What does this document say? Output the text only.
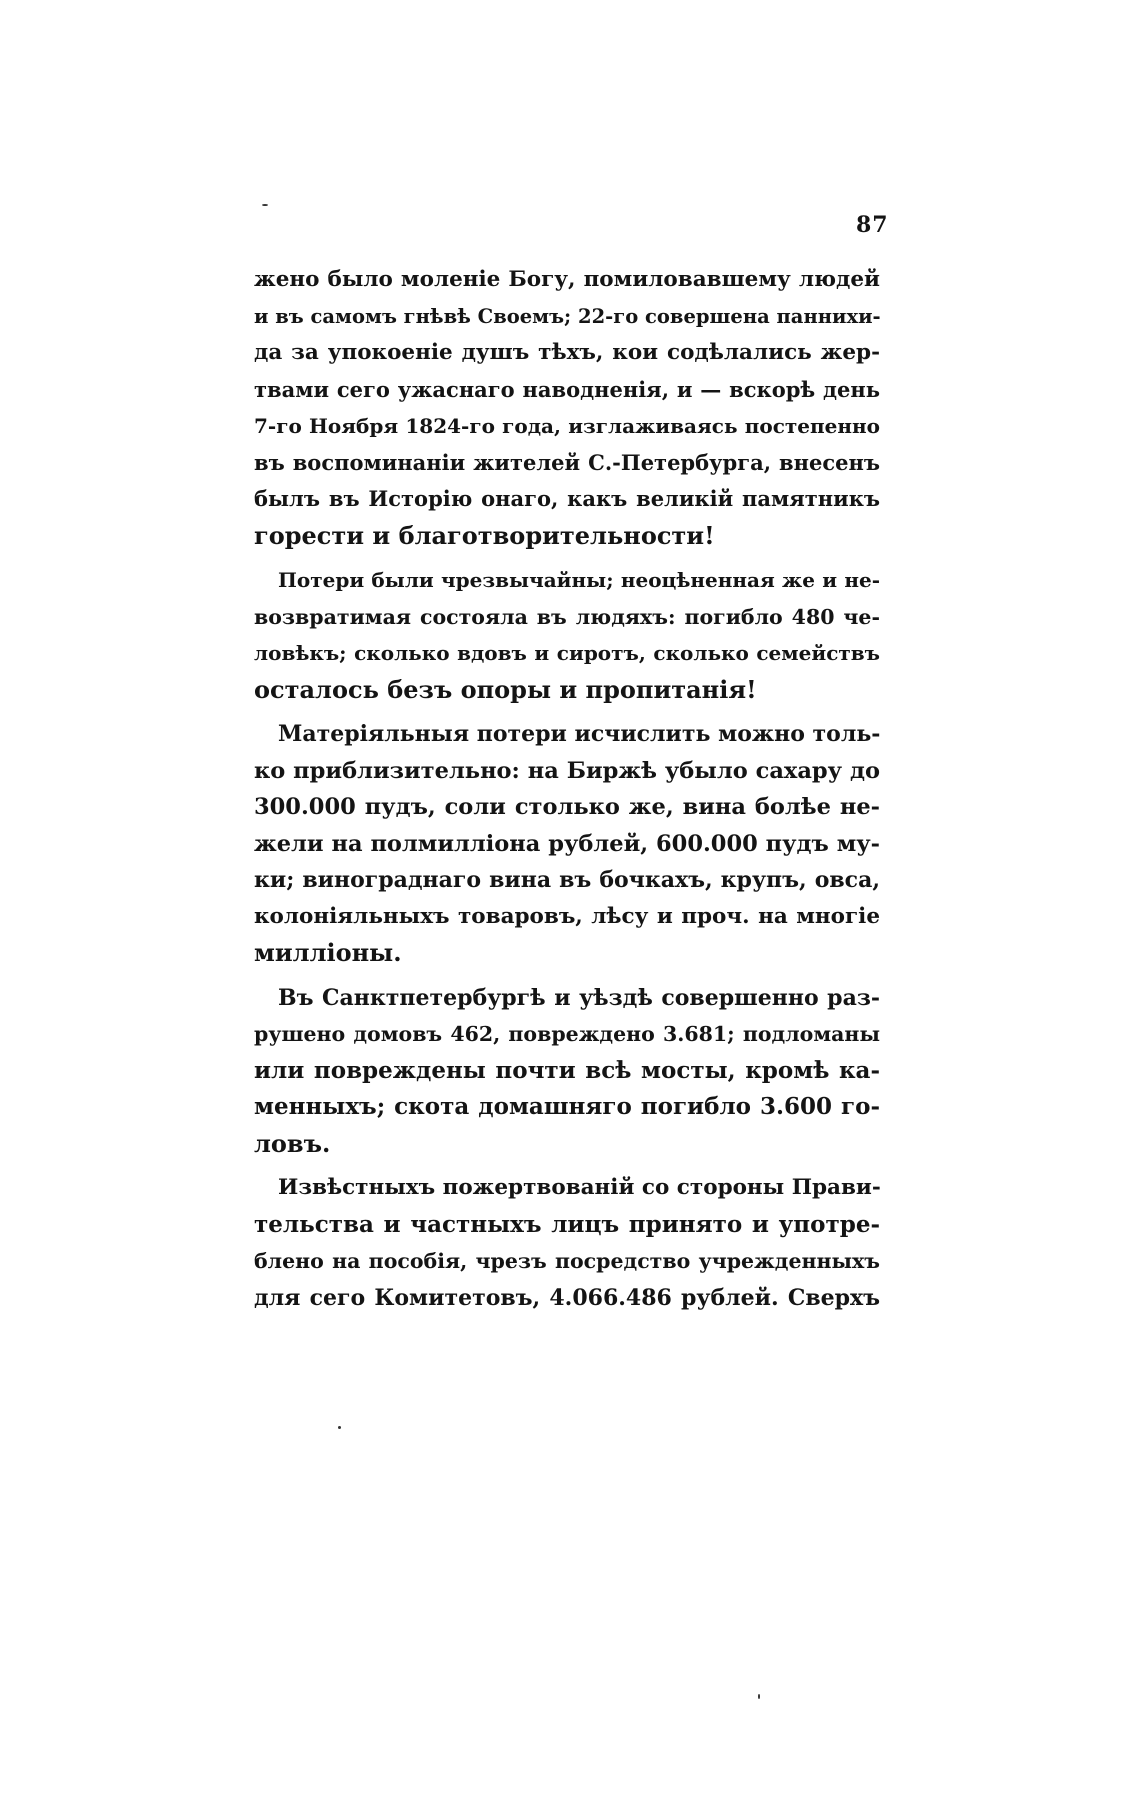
87
жено было моленіе Богу, помиловавшему людей
и въ самомъ гнѣвѣ Своемъ; 22-го совершена паннихи-
да за упокоеніе душъ тѣхъ, кои содѣлались жер-
твами сего ужаснаго наводненія, и — вскорѣ день
7-го Ноября 1824-го года, изглаживаясь постепенно
въ воспоминаніи жителей С.-Петербурга, внесенъ
былъ въ Исторію онаго, какъ великій памятникъ
горести и благотворительности!
Потери были чрезвычайны; неоцѣненная же и не-
возвратимая состояла въ людяхъ: погибло 480 че-
ловѣкъ; сколько вдовъ и сиротъ, сколько семействъ
осталось безъ опоры и пропитанія!
Матеріяльныя потери исчислить можно толь-
ко приблизительно: на Биржѣ убыло сахару до
300.000 пудъ, соли столько же, вина болѣе не-
жели на полмилліона рублей, 600.000 пудъ му-
ки; винограднаго вина въ бочкахъ, крупъ, овса,
колоніяльныхъ товаровъ, лѣсу и проч. на многіе
милліоны.
Въ Санктпетербургѣ и уѣздѣ совершенно раз-
рушено домовъ 462, повреждено 3.681; подломаны
или повреждены почти всѣ мосты, кромѣ ка-
менныхъ; скота домашняго погибло 3.600 го-
ловъ.
Извѣстныхъ пожертвованій со стороны Прави-
тельства и частныхъ лицъ принято и употре-
блено на пособія, чрезъ посредство учрежденныхъ
для сего Комитетовъ, 4.066.486 рублей. Сверхъ
